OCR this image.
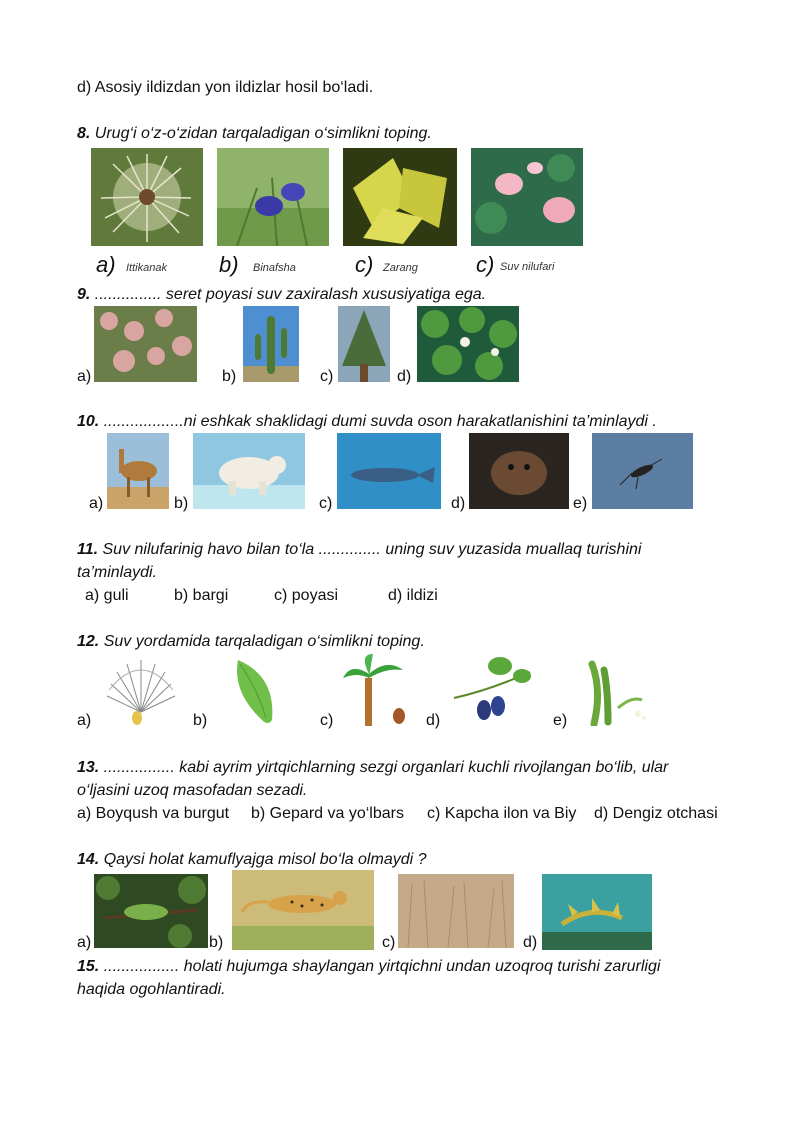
d) Asosiy ildizdan yon ildizlar hosil bo‘ladi.
8. Urug‘i o‘z-o‘zidan tarqaladigan o‘simlikni toping.
a) Ittikanak b) Binafsha	c) Zarang	c) Suv nilufari
9. ............... seret poyasi suv zaxiralash xususiyatiga ega.
a)	b)	c)	d)
10. ..................ni eshkak shaklidagi dumi suvda oson harakatlanishini ta’minlaydi .
a)	b)	c)	d)	e)
11. Suv nilufarinig havo bilan to‘la .............. uning suv yuzasida muallaq turishini
ta’minlaydi.
a) guli	b) bargi	c) poyasi	d) ildizi
12. Suv yordamida tarqaladigan o‘simlikni toping.
a)	b)	c)	d)	e)
13. ................ kabi ayrim yirtqichlarning sezgi organlari kuchli rivojlangan bo‘lib, ular
o‘ljasini uzoq masofadan sezadi.
a) Boyqush va burgut b) Gepard va yo‘lbars c) Kapcha ilon va Biy d) Dengiz otchasi
14. Qaysi holat kamuflyajga misol bo‘la olmaydi ?
a)	b)	c)	d)
15. ................. holati hujumga shaylangan yirtqichni undan uzoqroq turishi zarurligi
haqida ogohlantiradi.
